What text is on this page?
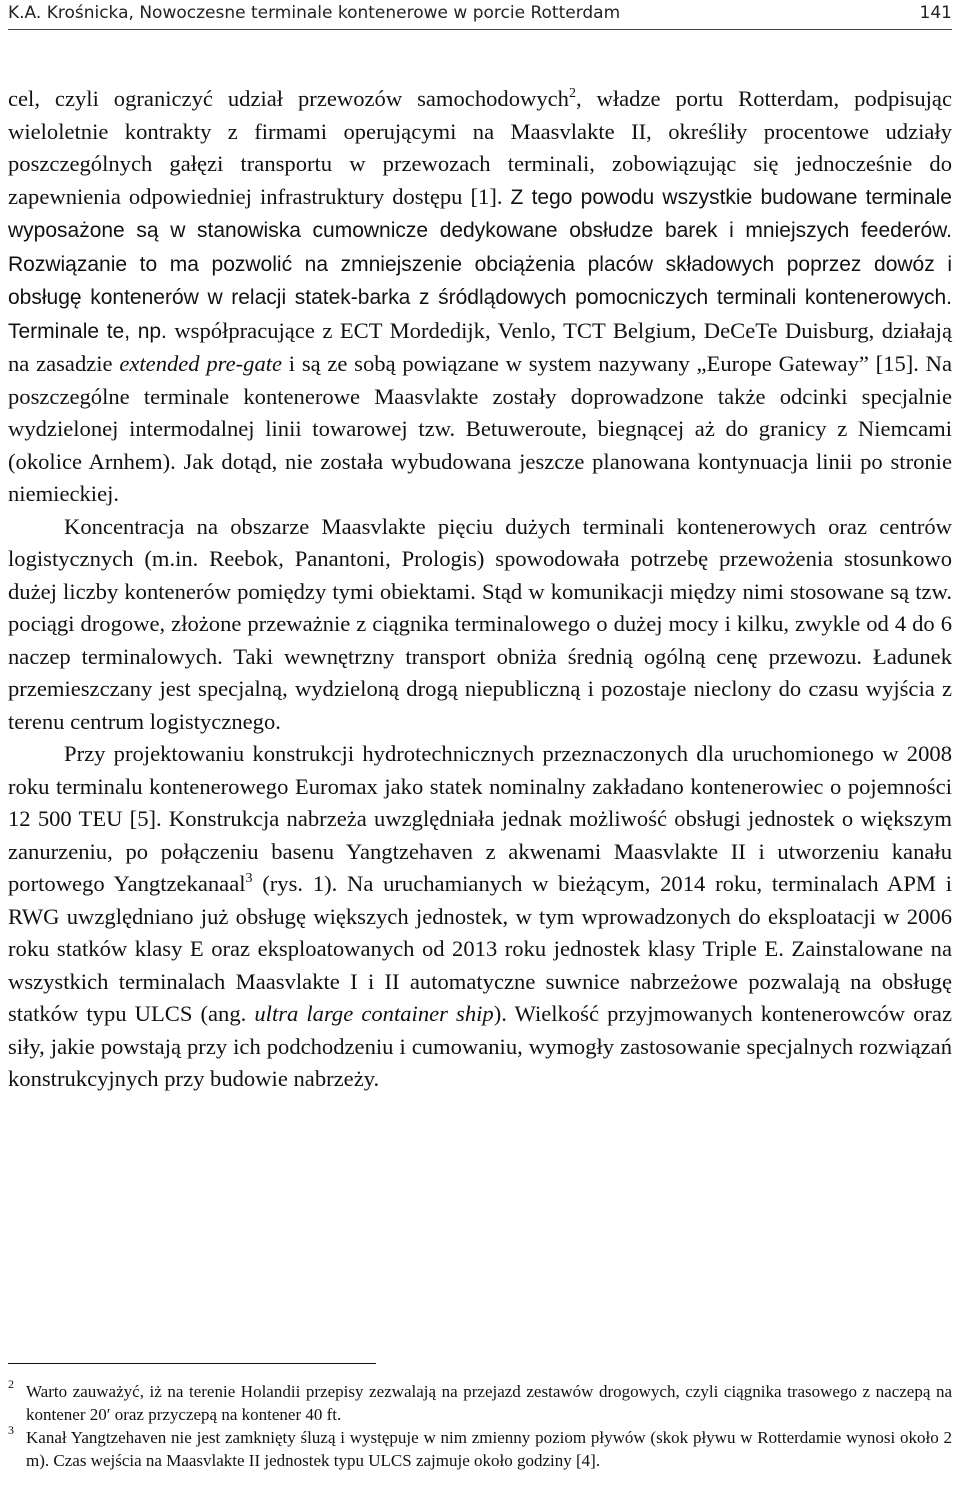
K.A. Krośnicka, Nowoczesne terminale kontenerowe w porcie Rotterdam	141

cel, czyli ograniczyć udział przewozów samochodowych$^2$, władze portu Rotterdam, podpisując wieloletnie kontrakty z firmami operującymi na Maasvlakte II, określiły procentowe udziały poszczególnych gałęzi transportu w przewozach terminali, zobowiązując się jednocześnie do zapewnienia odpowiedniej infrastruktury dostępu [1]. Z tego powodu wszystkie budowane terminale wyposażone są w stanowiska cumownicze dedykowane obsłudze barek i mniejszych feederów. Rozwiązanie to ma pozwolić na zmniejszenie obciążenia placów składowych poprzez dowóz i obsługę kontenerów w relacji statek-barka z śródlądowych pomocniczych terminali kontenerowych. Terminale te, np. współpracujące z ECT Mordedijk, Venlo, TCT Belgium, DeCeTe Duisburg, działają na zasadzie extended pre-gate i są ze sobą powiązane w system nazywany „Europe Gateway” [15]. Na poszczególne terminale kontenerowe Maasvlakte zostały doprowadzone także odcinki specjalnie wydzielonej intermodalnej linii towarowej tzw. Betuweroute, biegnącej aż do granicy z Niemcami (okolice Arnhem). Jak dotąd, nie została wybudowana jeszcze planowana kontynuacja linii po stronie niemieckiej.

Koncentracja na obszarze Maasvlakte pięciu dużych terminali kontenerowych oraz centrów logistycznych (m.in. Reebok, Panantoni, Prologis) spowodowała potrzebę przewożenia stosunkowo dużej liczby kontenerów pomiędzy tymi obiektami. Stąd w komunikacji między nimi stosowane są tzw. pociągi drogowe, złożone przeważnie z ciągnika terminalowego o dużej mocy i kilku, zwykle od 4 do 6 naczep terminalowych. Taki wewnętrzny transport obniża średnią ogólną cenę przewozu. Ładunek przemieszczany jest specjalną, wydzieloną drogą niepubliczną i pozostaje nieclony do czasu wyjścia z terenu centrum logistycznego.

Przy projektowaniu konstrukcji hydrotechnicznych przeznaczonych dla uruchomionego w 2008 roku terminalu kontenerowego Euromax jako statek nominalny zakładano kontenerowiec o pojemności 12 500 TEU [5]. Konstrukcja nabrzeża uwzględniała jednak możliwość obsługi jednostek o większym zanurzeniu, po połączeniu basenu Yangtzehaven z akwenami Maasvlakte II i utworzeniu kanału portowego Yangtzekanaal$^3$ (rys. 1). Na uruchamianych w bieżącym, 2014 roku, terminalach APM i RWG uwzględniano już obsługę większych jednostek, w tym wprowadzonych do eksploatacji w 2006 roku statków klasy E oraz eksploatowanych od 2013 roku jednostek klasy Triple E. Zainstalowane na wszystkich terminalach Maasvlakte I i II automatyczne suwnice nabrzeżowe pozwalają na obsługę statków typu ULCS (ang. ultra large container ship). Wielkość przyjmowanych kontenerowców oraz siły, jakie powstają przy ich podchodzeniu i cumowaniu, wymogły zastosowanie specjalnych rozwiązań konstrukcyjnych przy budowie nabrzeży.

2 Warto zauważyć, iż na terenie Holandii przepisy zezwalają na przejazd zestawów drogowych, czyli ciągnika trasowego z naczepą na kontener 20′ oraz przyczepą na kontener 40 ft.

3 Kanał Yangtzehaven nie jest zamknięty śluzą i występuje w nim zmienny poziom pływów (skok pływu w Rotterdamie wynosi około 2 m). Czas wejścia na Maasvlakte II jednostek typu ULCS zajmuje około godziny [4].
